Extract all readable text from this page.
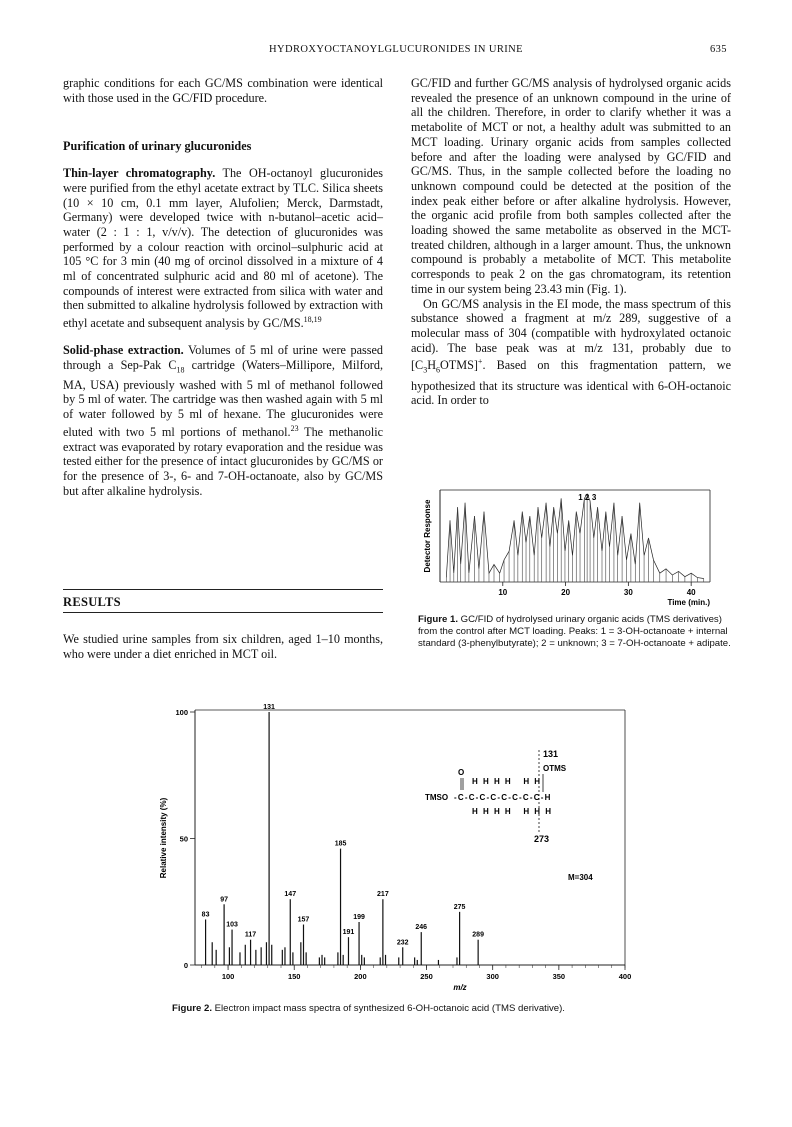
HYDROXYOCTANOYLGLUCURONIDES IN URINE	635

graphic conditions for each GC/MS combination were identical with those used in the GC/FID procedure.

Purification of urinary glucuronides

Thin-layer chromatography. The OH-octanoyl glucuronides were purified from the ethyl acetate extract by TLC. Silica sheets (10 × 10 cm, 0.1 mm layer, Alufolien; Merck, Darmstadt, Germany) were developed twice with n-butanol–acetic acid–water (2 : 1 : 1, v/v/v). The detection of glucuronides was performed by a colour reaction with orcinol–sulphuric acid at 105 °C for 3 min (40 mg of orcinol dissolved in a mixture of 4 ml of concentrated sulphuric acid and 80 ml of acetone). The compounds of interest were extracted from silica with water and then submitted to alkaline hydrolysis followed by extraction with ethyl acetate and subsequent analysis by GC/MS.$^{18,19}$

Solid-phase extraction. Volumes of 5 ml of urine were passed through a Sep-Pak $C_{18}$ cartridge (Waters–Millipore, Milford, MA, USA) previously washed with 5 ml of methanol followed by 5 ml of water. The cartridge was then washed again with 5 ml of water followed by 5 ml of hexane. The glucuronides were eluted with two 5 ml portions of methanol.$^{23}$ The methanolic extract was evaporated by rotary evaporation and the residue was tested either for the presence of intact glucuronides by GC/MS or for the presence of 3-, 6- and 7-OH-octanoate, also by GC/MS but after alkaline hydrolysis.

RESULTS
We studied urine samples from six children, aged 1–10 months, who were under a diet enriched in MCT oil.

GC/FID and further GC/MS analysis of hydrolysed organic acids revealed the presence of an unknown compound in the urine of all the children. Therefore, in order to clarify whether it was a metabolite of MCT or not, a healthy adult was submitted to an MCT loading. Urinary organic acids from samples collected before and after the loading were analysed by GC/FID and GC/MS. Thus, in the sample collected before the loading no unknown compound could be detected at the position of the index peak either before or after alkaline hydrolysis. However, the organic acid profile from both samples collected after the loading showed the same metabolite as observed in the MCT-treated children, although in a larger amount. Thus, the unknown compound is probably a metabolite of MCT. This metabolite corresponds to peak 2 on the gas chromatogram, its retention time in our system being 23.43 min (Fig. 1).

On GC/MS analysis in the EI mode, the mass spectrum of this substance showed a fragment at m/z 289, suggestive of a molecular mass of 304 (compatible with hydroxylated octanoic acid). The base peak was at m/z 131, probably due to $[C_3H_6OTMS]^+$. Based on this fragmentation pattern, we hypothesized that its structure was identical with 6-OH-octanoic acid. In order to

Detector Response
Time (min.)
10	20	30	40
1 2 3
Figure 1. GC/FID of hydrolysed urinary organic acids (TMS derivatives) from the control after MCT loading. Peaks: 1 = 3-OH-octanoate + internal standard (3-phenylbutyrate); 2 = unknown; 3 = 7-OH-octanoate + adipate.
Relative intensity (%)
m/z
100	150	200	250	300	350	400
0
50
100
83
97
103
117
131
147
157
185
191
199
217
232
246
275
289
131
OTMS
O
TMSO -C-C-C-C-C-C-C-C-H
HHHH HH
HHHH HHH
273
M=304
Figure 2. Electron impact mass spectra of synthesized 6-OH-octanoic acid (TMS derivative).
